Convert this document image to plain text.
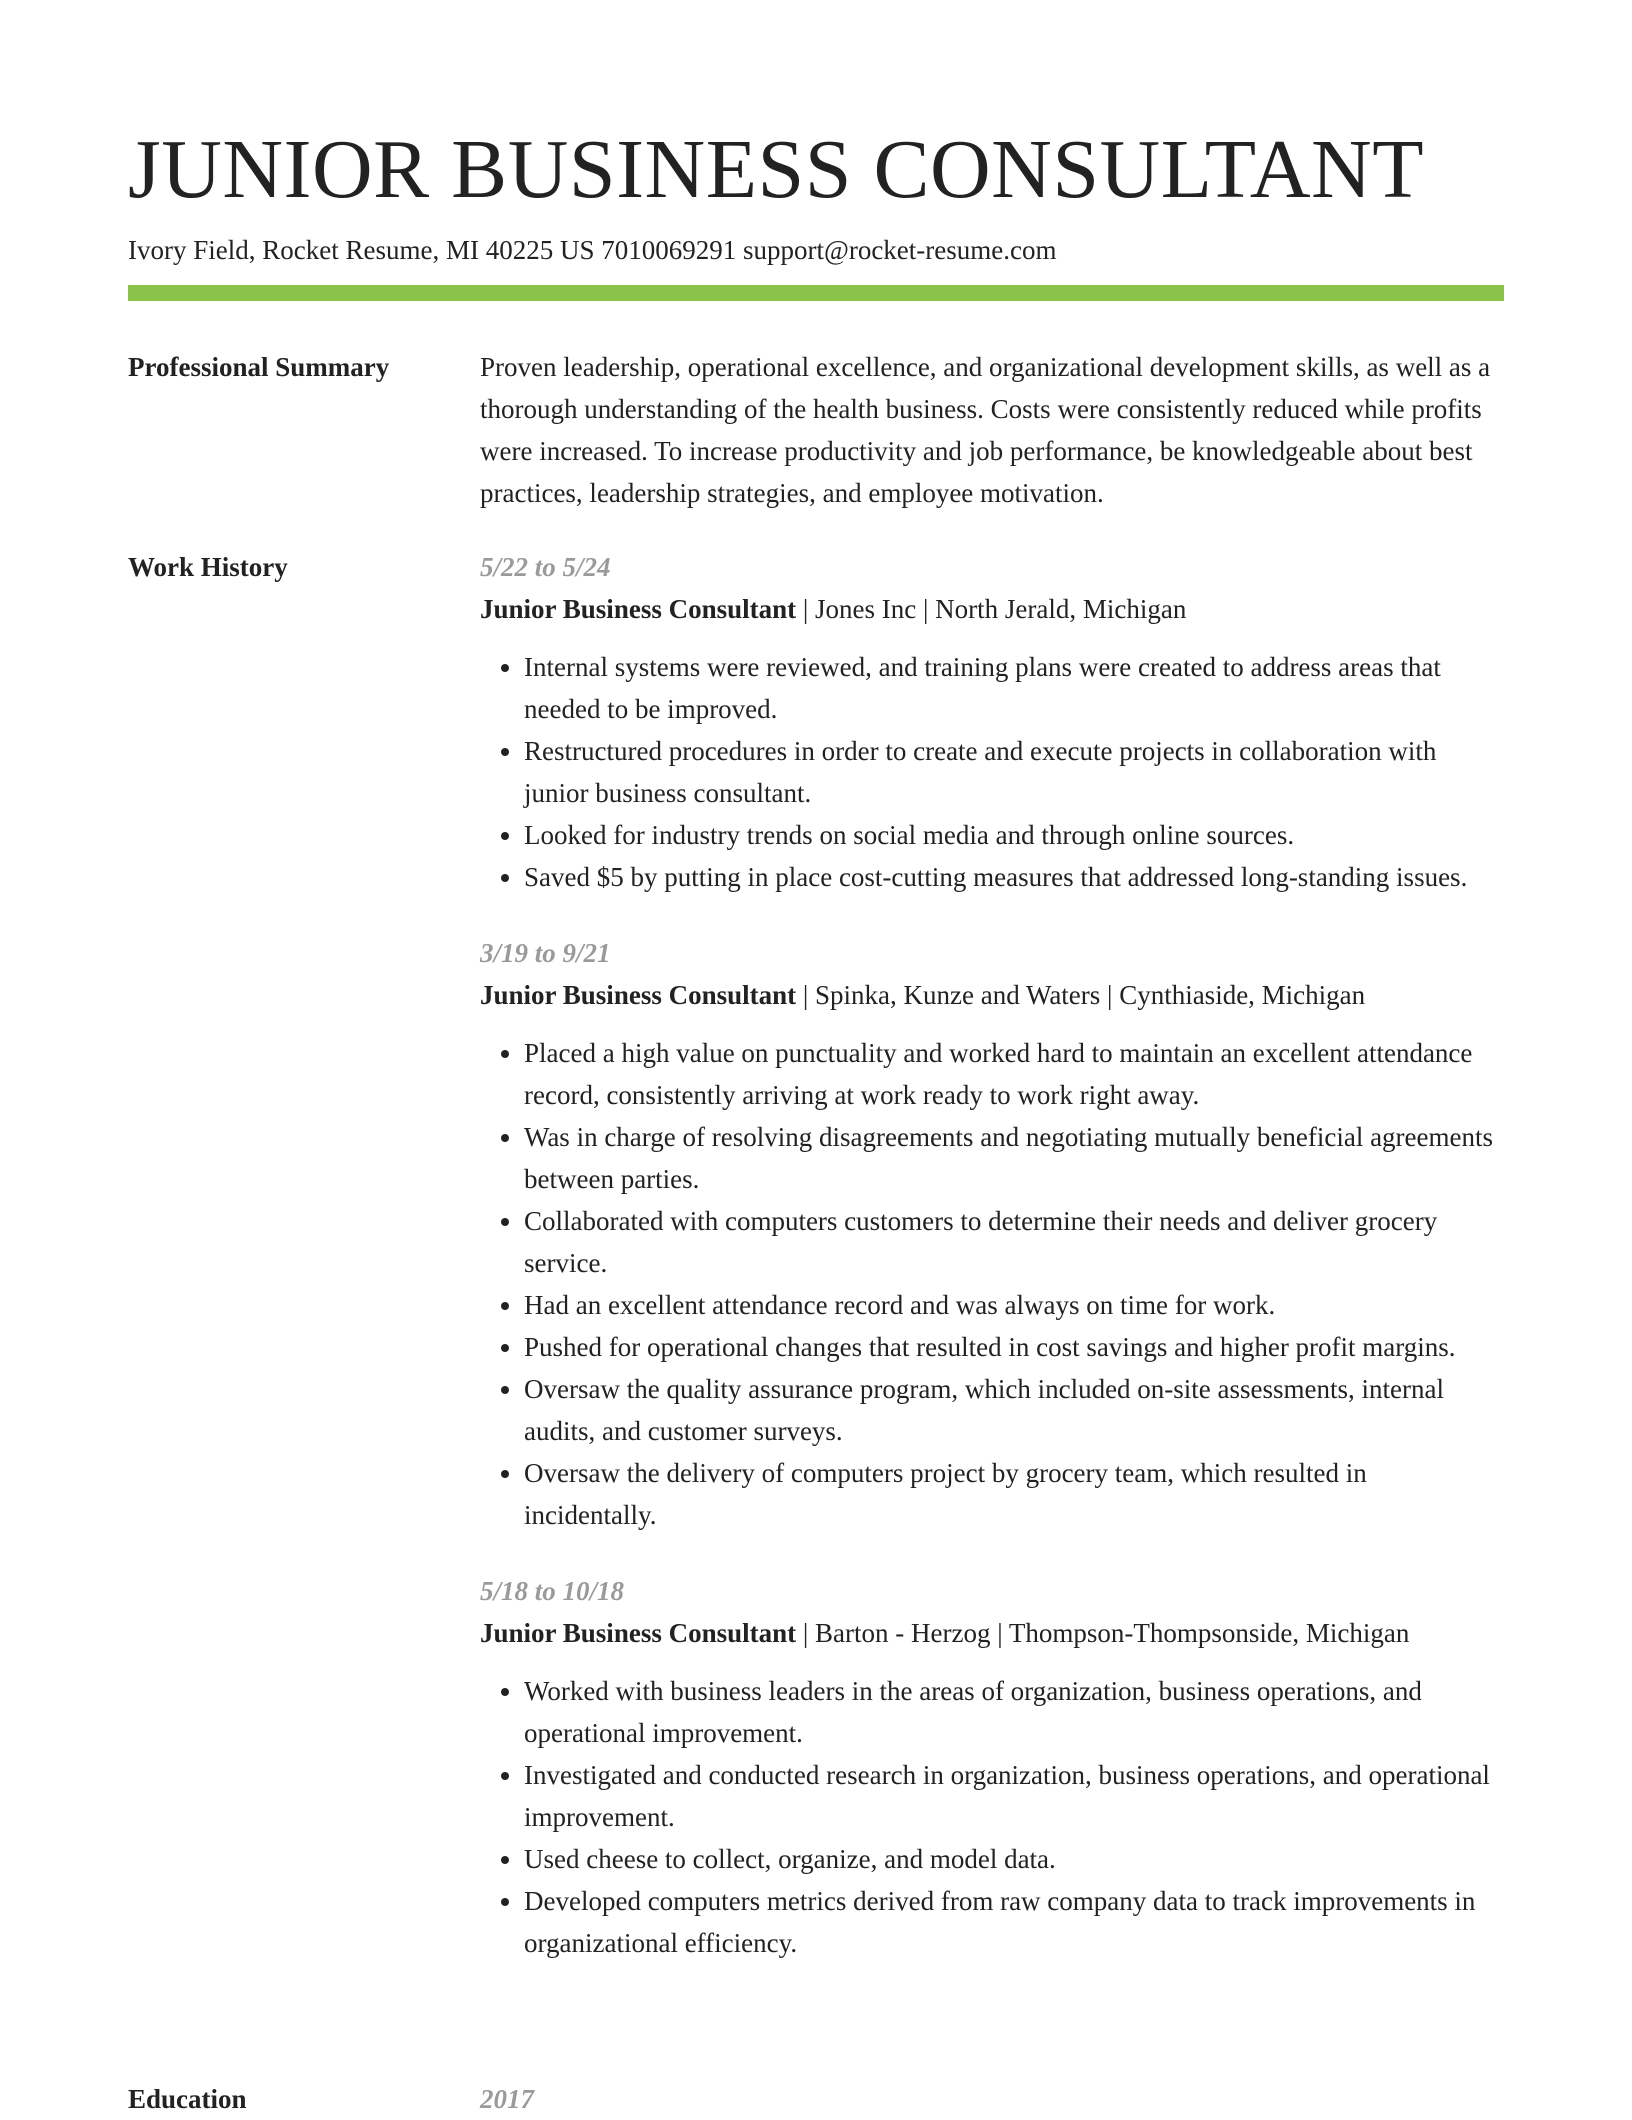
JUNIOR BUSINESS CONSULTANT
Ivory Field, Rocket Resume, MI 40225 US 7010069291 support@rocket-resume.com
Professional Summary	Proven leadership, operational excellence, and organizational development skills, as well as a thorough understanding of the health business. Costs were consistently reduced while profits were increased. To increase productivity and job performance, be knowledgeable about best practices, leadership strategies, and employee motivation.

Work History	5/22 to 5/24
Junior Business Consultant | Jones Inc | North Jerald, Michigan
• Internal systems were reviewed, and training plans were created to address areas that needed to be improved.
• Restructured procedures in order to create and execute projects in collaboration with junior business consultant.
• Looked for industry trends on social media and through online sources.
• Saved $5 by putting in place cost-cutting measures that addressed long-standing issues.
3/19 to 9/21
Junior Business Consultant | Spinka, Kunze and Waters | Cynthiaside, Michigan
• Placed a high value on punctuality and worked hard to maintain an excellent attendance record, consistently arriving at work ready to work right away.
• Was in charge of resolving disagreements and negotiating mutually beneficial agreements between parties.
• Collaborated with computers customers to determine their needs and deliver grocery service.
• Had an excellent attendance record and was always on time for work.
• Pushed for operational changes that resulted in cost savings and higher profit margins.
• Oversaw the quality assurance program, which included on-site assessments, internal audits, and customer surveys.
• Oversaw the delivery of computers project by grocery team, which resulted in incidentally.
5/18 to 10/18
Junior Business Consultant | Barton - Herzog | Thompson-Thompsonside, Michigan
• Worked with business leaders in the areas of organization, business operations, and operational improvement.
• Investigated and conducted research in organization, business operations, and operational improvement.
• Used cheese to collect, organize, and model data.
• Developed computers metrics derived from raw company data to track improvements in organizational efficiency.
Education	2017
